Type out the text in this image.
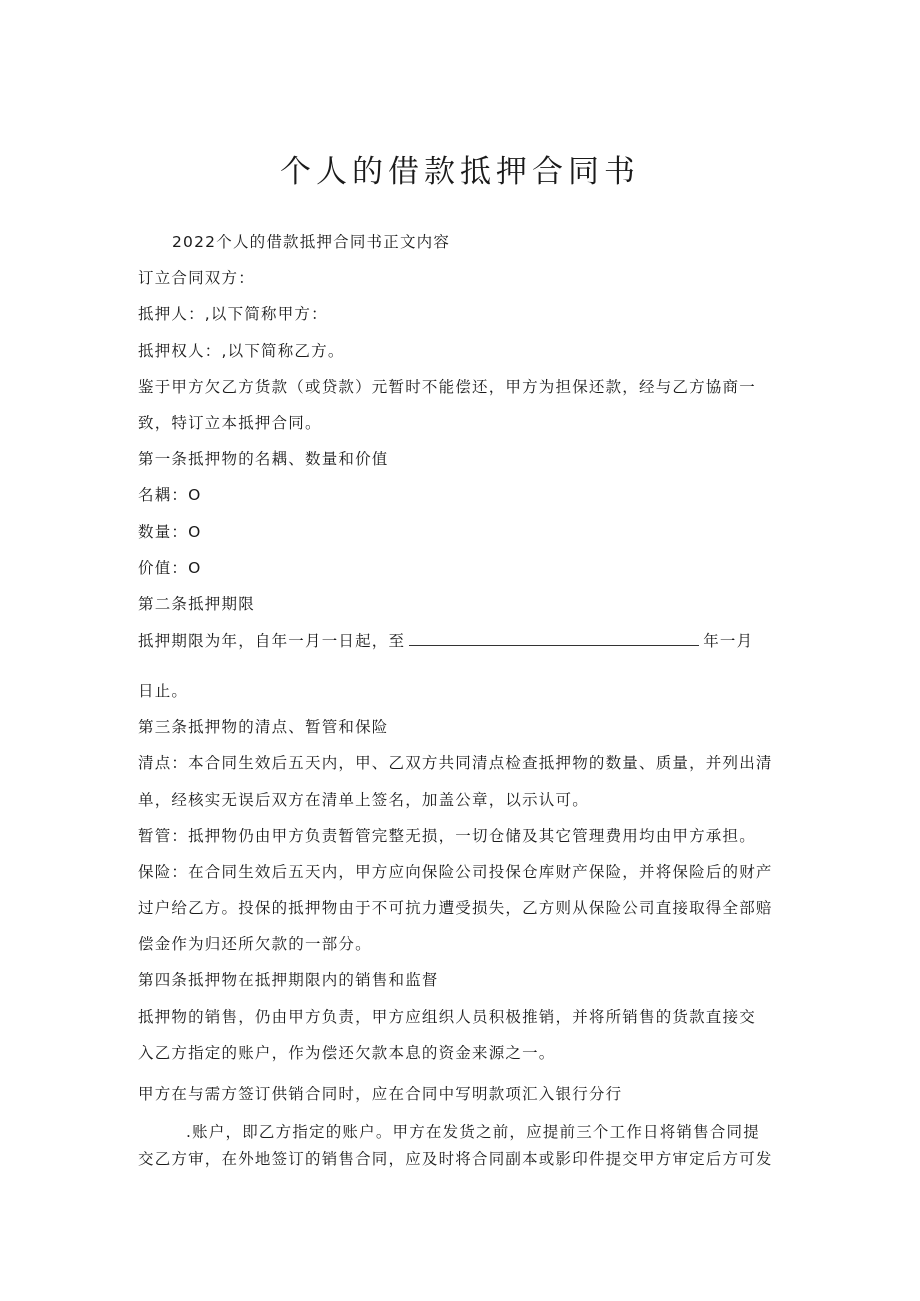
个人的借款抵押合同书
2022个人的借款抵押合同书正文内容
订立合同双方：
抵押人：,以下简称甲方：
抵押权人：,以下简称乙方。
鉴于甲方欠乙方货款（或贷款）元暂时不能偿还，甲方为担保还款，经与乙方協商一
致，特订立本抵押合同。
第一条抵押物的名耦、数量和价值
名耦：O
数量：O
价值：O
第二条抵押期限
抵押期限为年，自年一月一日起，至	年一月
日止。
第三条抵押物的清点、暂管和保险
清点：本合同生效后五天内，甲、乙双方共同清点检查抵押物的数量、质量，并列出清
单，经核实无误后双方在清单上签名，加盖公章，以示认可。
暂管：抵押物仍由甲方负责暂管完整无损，一切仓储及其它管理费用均由甲方承担。
保险：在合同生效后五天内，甲方应向保险公司投保仓库财产保险，并将保险后的财产
过户给乙方。投保的抵押物由于不可抗力遭受损失，乙方则从保险公司直接取得全部赔
偿金作为归还所欠款的一部分。
第四条抵押物在抵押期限内的销售和监督
抵押物的销售，仍由甲方负责，甲方应组织人员积极推销，并将所销售的货款直接交
入乙方指定的账户，作为偿还欠款本息的资金来源之一。
甲方在与需方签订供销合同时，应在合同中写明款项汇入银行分行
.账户，即乙方指定的账户。甲方在发货之前，应提前三个工作日将销售合同提
交乙方审，在外地签订的销售合同，应及时将合同副本或影印件提交甲方审定后方可发
